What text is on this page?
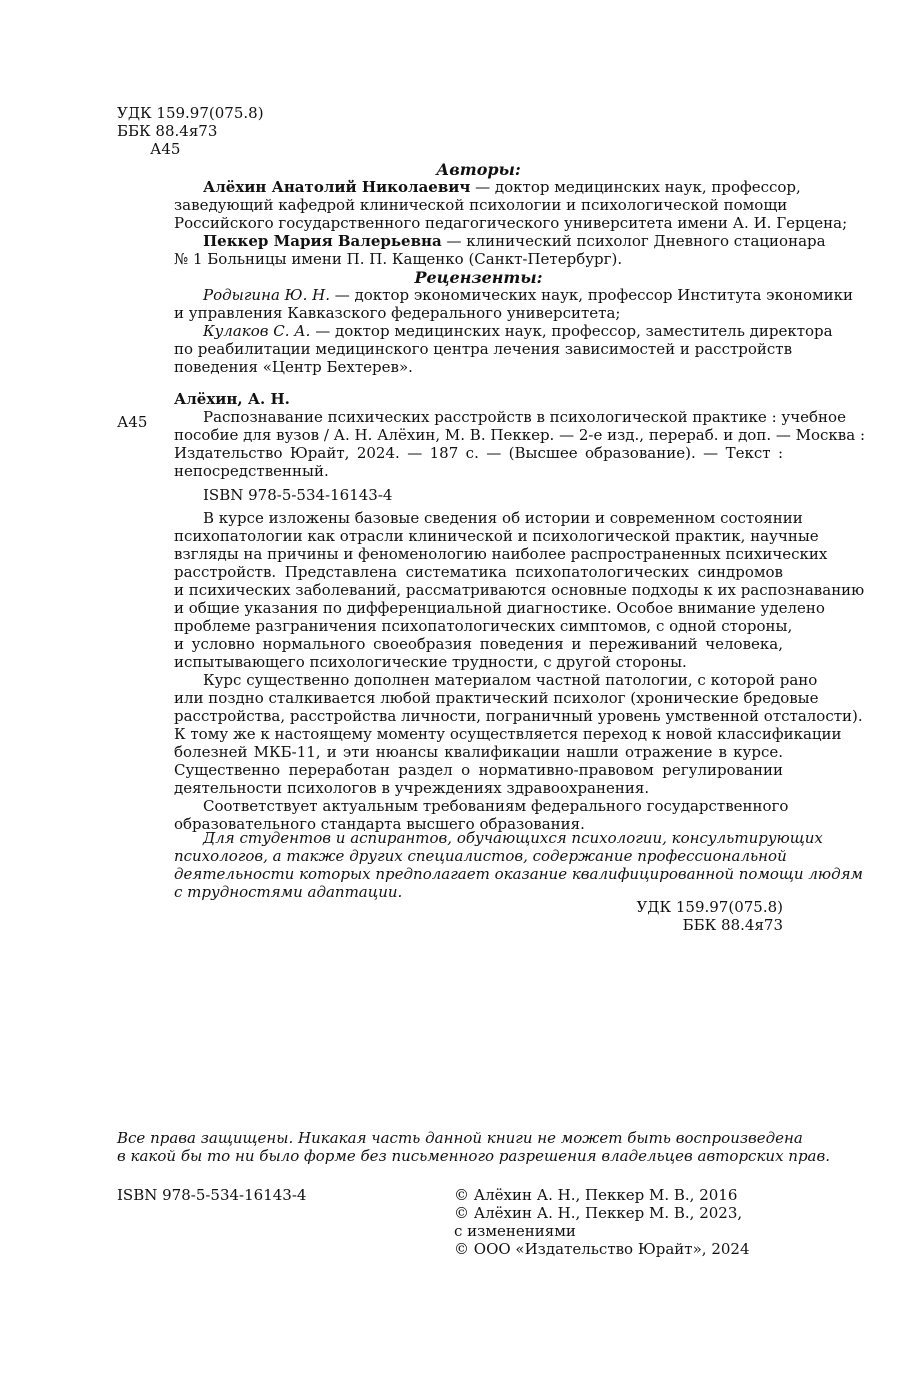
УДК 159.97(075.8)
ББК 88.4я73
А45
Авторы:
Алёхин Анатолий Николаевич — доктор медицинских наук, профессор,
заведующий кафедрой клинической психологии и психологической помощи
Российского государственного педагогического университета имени А. И. Герцена;
Пеккер Мария Валерьевна — клинический психолог Дневного стационара
№ 1 Больницы имени П. П. Кащенко (Санкт-Петербург).
Рецензенты:
Родыгина Ю. Н. — доктор экономических наук, профессор Института экономики
и управления Кавказского федерального университета;
Кулаков С. А. — доктор медицинских наук, профессор, заместитель директора
по реабилитации медицинского центра лечения зависимостей и расстройств
поведения «Центр Бехтерев».
Алёхин, А. Н.
А45	Распознавание психических расстройств в психологической практике : учебное
пособие для вузов / А. Н. Алёхин, М. В. Пеккер. — 2-е изд., перераб. и доп. — Москва :
Издательство Юрайт, 2024. — 187 с. — (Высшее образование). — Текст :
непосредственный.
ISBN 978-5-534-16143-4
В курсе изложены базовые сведения об истории и современном состоянии
психопатологии как отрасли клинической и психологической практик, научные
взгляды на причины и феноменологию наиболее распространенных психических
расстройств. Представлена систематика психопатологических синдромов
и психических заболеваний, рассматриваются основные подходы к их распознаванию
и общие указания по дифференциальной диагностике. Особое внимание уделено
проблеме разграничения психопатологических симптомов, с одной стороны,
и условно нормального своеобразия поведения и переживаний человека,
испытывающего психологические трудности, с другой стороны.
Курс существенно дополнен материалом частной патологии, с которой рано
или поздно сталкивается любой практический психолог (хронические бредовые
расстройства, расстройства личности, пограничный уровень умственной отсталости).
К тому же к настоящему моменту осуществляется переход к новой классификации
болезней МКБ-11, и эти нюансы квалификации нашли отражение в курсе.
Существенно переработан раздел о нормативно-правовом регулировании
деятельности психологов в учреждениях здравоохранения.
Соответствует актуальным требованиям федерального государственного
образовательного стандарта высшего образования.
Для студентов и аспирантов, обучающихся психологии, консультирующих
психологов, а также других специалистов, содержание профессиональной
деятельности которых предполагает оказание квалифицированной помощи людям
с трудностями адаптации.
УДК 159.97(075.8)
ББК 88.4я73
Все права защищены. Никакая часть данной книги не может быть воспроизведена
в какой бы то ни было форме без письменного разрешения владельцев авторских прав.
ISBN 978-5-534-16143-4	© Алёхин А. Н., Пеккер М. В., 2016
© Алёхин А. Н., Пеккер М. В., 2023,
с изменениями
© ООО «Издательство Юрайт», 2024
